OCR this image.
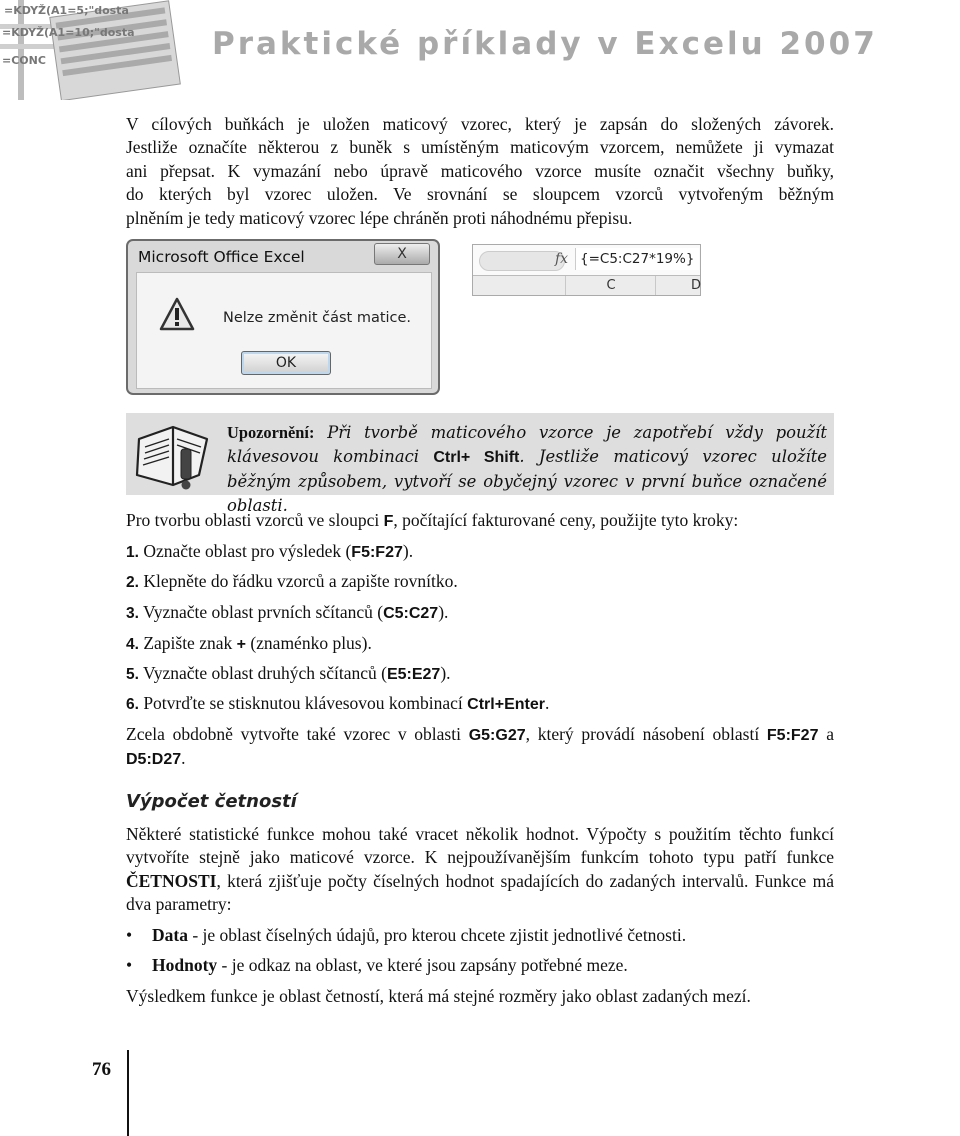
=KDYŽ(A1=5;"dosta
=KDYŽ(A1=10;"dosta
=CONC	Praktické příklady v Excelu 2007
V cílových buňkách je uložen maticový vzorec, který je zapsán do složených závorek.
Jestliže označíte některou z buněk s umístěným maticovým vzorcem, nemůžete ji vymazat
ani přepsat. K vymazání nebo úpravě maticového vzorce musíte označit všechny buňky,
do kterých byl vzorec uložen. Ve srovnání se sloupcem vzorců vytvořeným běžným
plněním je tedy maticový vzorec lépe chráněn proti náhodnému přepisu.
Microsoft Office Excel	X
Nelze změnit část matice.
OK
fx {=C5:C27*19%}
C	D
Upozornění: Při tvorbě maticového vzorce je zapotřebí vždy použít klávesovou kombinaci Ctrl+ Shift. Jestliže maticový vzorec uložíte běžným způsobem, vytvoří se obyčejný vzorec v první buňce označené oblasti.
Pro tvorbu oblasti vzorců ve sloupci F, počítající fakturované ceny, použijte tyto kroky:
1. Označte oblast pro výsledek (F5:F27).
2. Klepněte do řádku vzorců a zapište rovnítko.
3. Vyznačte oblast prvních sčítanců (C5:C27).
4. Zapište znak + (znaménko plus).
5. Vyznačte oblast druhých sčítanců (E5:E27).
6. Potvrďte se stisknutou klávesovou kombinací Ctrl+Enter.
Zcela obdobně vytvořte také vzorec v oblasti G5:G27, který provádí násobení oblastí F5:F27 a D5:D27.
Výpočet četností
Některé statistické funkce mohou také vracet několik hodnot. Výpočty s použitím těchto funkcí vytvoříte stejně jako maticové vzorce. K nejpoužívanějším funkcím tohoto typu patří funkce ČETNOSTI, která zjišťuje počty číselných hodnot spadajících do zadaných intervalů. Funkce má dva parametry:
• Data - je oblast číselných údajů, pro kterou chcete zjistit jednotlivé četnosti.
• Hodnoty - je odkaz na oblast, ve které jsou zapsány potřebné meze.
Výsledkem funkce je oblast četností, která má stejné rozměry jako oblast zadaných mezí.
76
